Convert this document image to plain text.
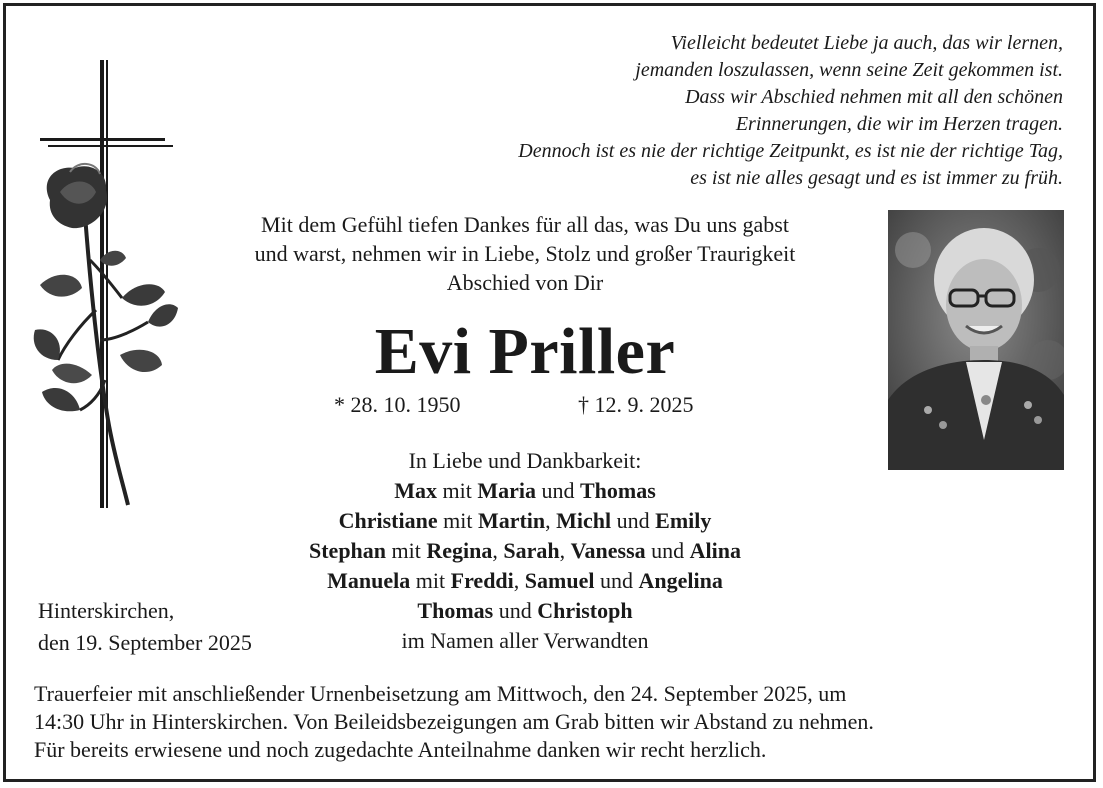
Vielleicht bedeutet Liebe ja auch, das wir lernen,
jemanden loszulassen, wenn seine Zeit gekommen ist.
Dass wir Abschied nehmen mit all den schönen
Erinnerungen, die wir im Herzen tragen.
Dennoch ist es nie der richtige Zeitpunkt, es ist nie der richtige Tag,
es ist nie alles gesagt und es ist immer zu früh.
Mit dem Gefühl tiefen Dankes für all das, was Du uns gabst
und warst, nehmen wir in Liebe, Stolz und großer Traurigkeit
Abschied von Dir
Evi Priller
* 28. 10. 1950	† 12. 9. 2025
In Liebe und Dankbarkeit:
Max mit Maria und Thomas
Christiane mit Martin, Michl und Emily
Stephan mit Regina, Sarah, Vanessa und Alina
Manuela mit Freddi, Samuel und Angelina
Thomas und Christoph
im Namen aller Verwandten
Hinterskirchen,
den 19. September 2025
Trauerfeier mit anschließender Urnenbeisetzung am Mittwoch, den 24. September 2025, um
14:30 Uhr in Hinterskirchen. Von Beileidsbezeigungen am Grab bitten wir Abstand zu nehmen.
Für bereits erwiesene und noch zugedachte Anteilnahme danken wir recht herzlich.
